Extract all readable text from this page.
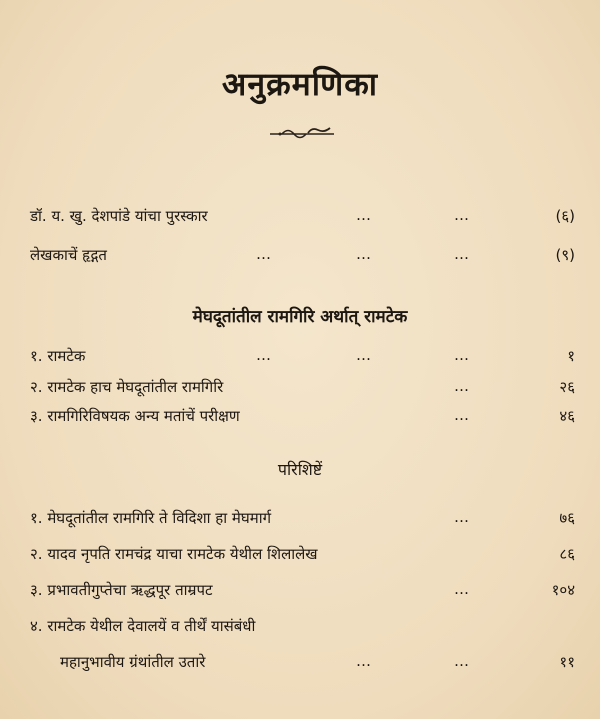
अनुक्रमणिका
डॉ. य. खु. देशपांडे यांचा पुरस्कार	…	…	(६)
लेखकाचें हृद्गत	…	…	…	(९)
मेघदूतांतील रामगिरि अर्थात् रामटेक
१. रामटेक	…	…	…	१
२. रामटेक हाच मेघदूतांतील रामगिरि	…	२६
३. रामगिरिविषयक अन्य मतांचें परीक्षण	…	४६
परिशिष्टें
१. मेघदूतांतील रामगिरि ते विदिशा हा मेघमार्ग	…	७६
२. यादव नृपति रामचंद्र याचा रामटेक येथील शिलालेख	८६
३. प्रभावतीगुप्तेचा ऋद्धपूर ताम्रपट	…	१०४
४. रामटेक येथील देवालयें व तीर्थें यासंबंधी
महानुभावीय ग्रंथांतील उतारे	…	…	११
